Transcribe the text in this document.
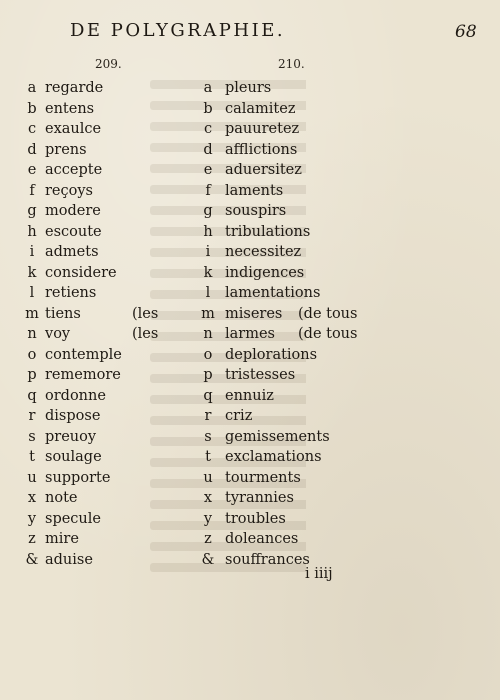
DE POLYGRAPHIE.	68
209.	210.
a regarde	a pleurs
b entens	b calamitez
c exaulce	c pauuretez
d prens	d afflictions
e accepte	e aduersitez
f reçoys	f laments
g modere	g souspirs
h escoute	h tribulations
i admets	i	necessitez
k considere	k indigences
l retiens	l	lamentations
m tiens	(les	m miseres (de tous
n voy	(les	n larmes (de tous
o contemple	o deplorations
p rememore	p tristesses
q ordonne	q ennuiz
r dispose	r criz
s preuoy	s gemissements
t soulage	t exclamations
u supporte	u tourments
x note	x tyrannies
y specule	y troubles
z mire	z doleances
& aduise	& souffrances
i iiij
